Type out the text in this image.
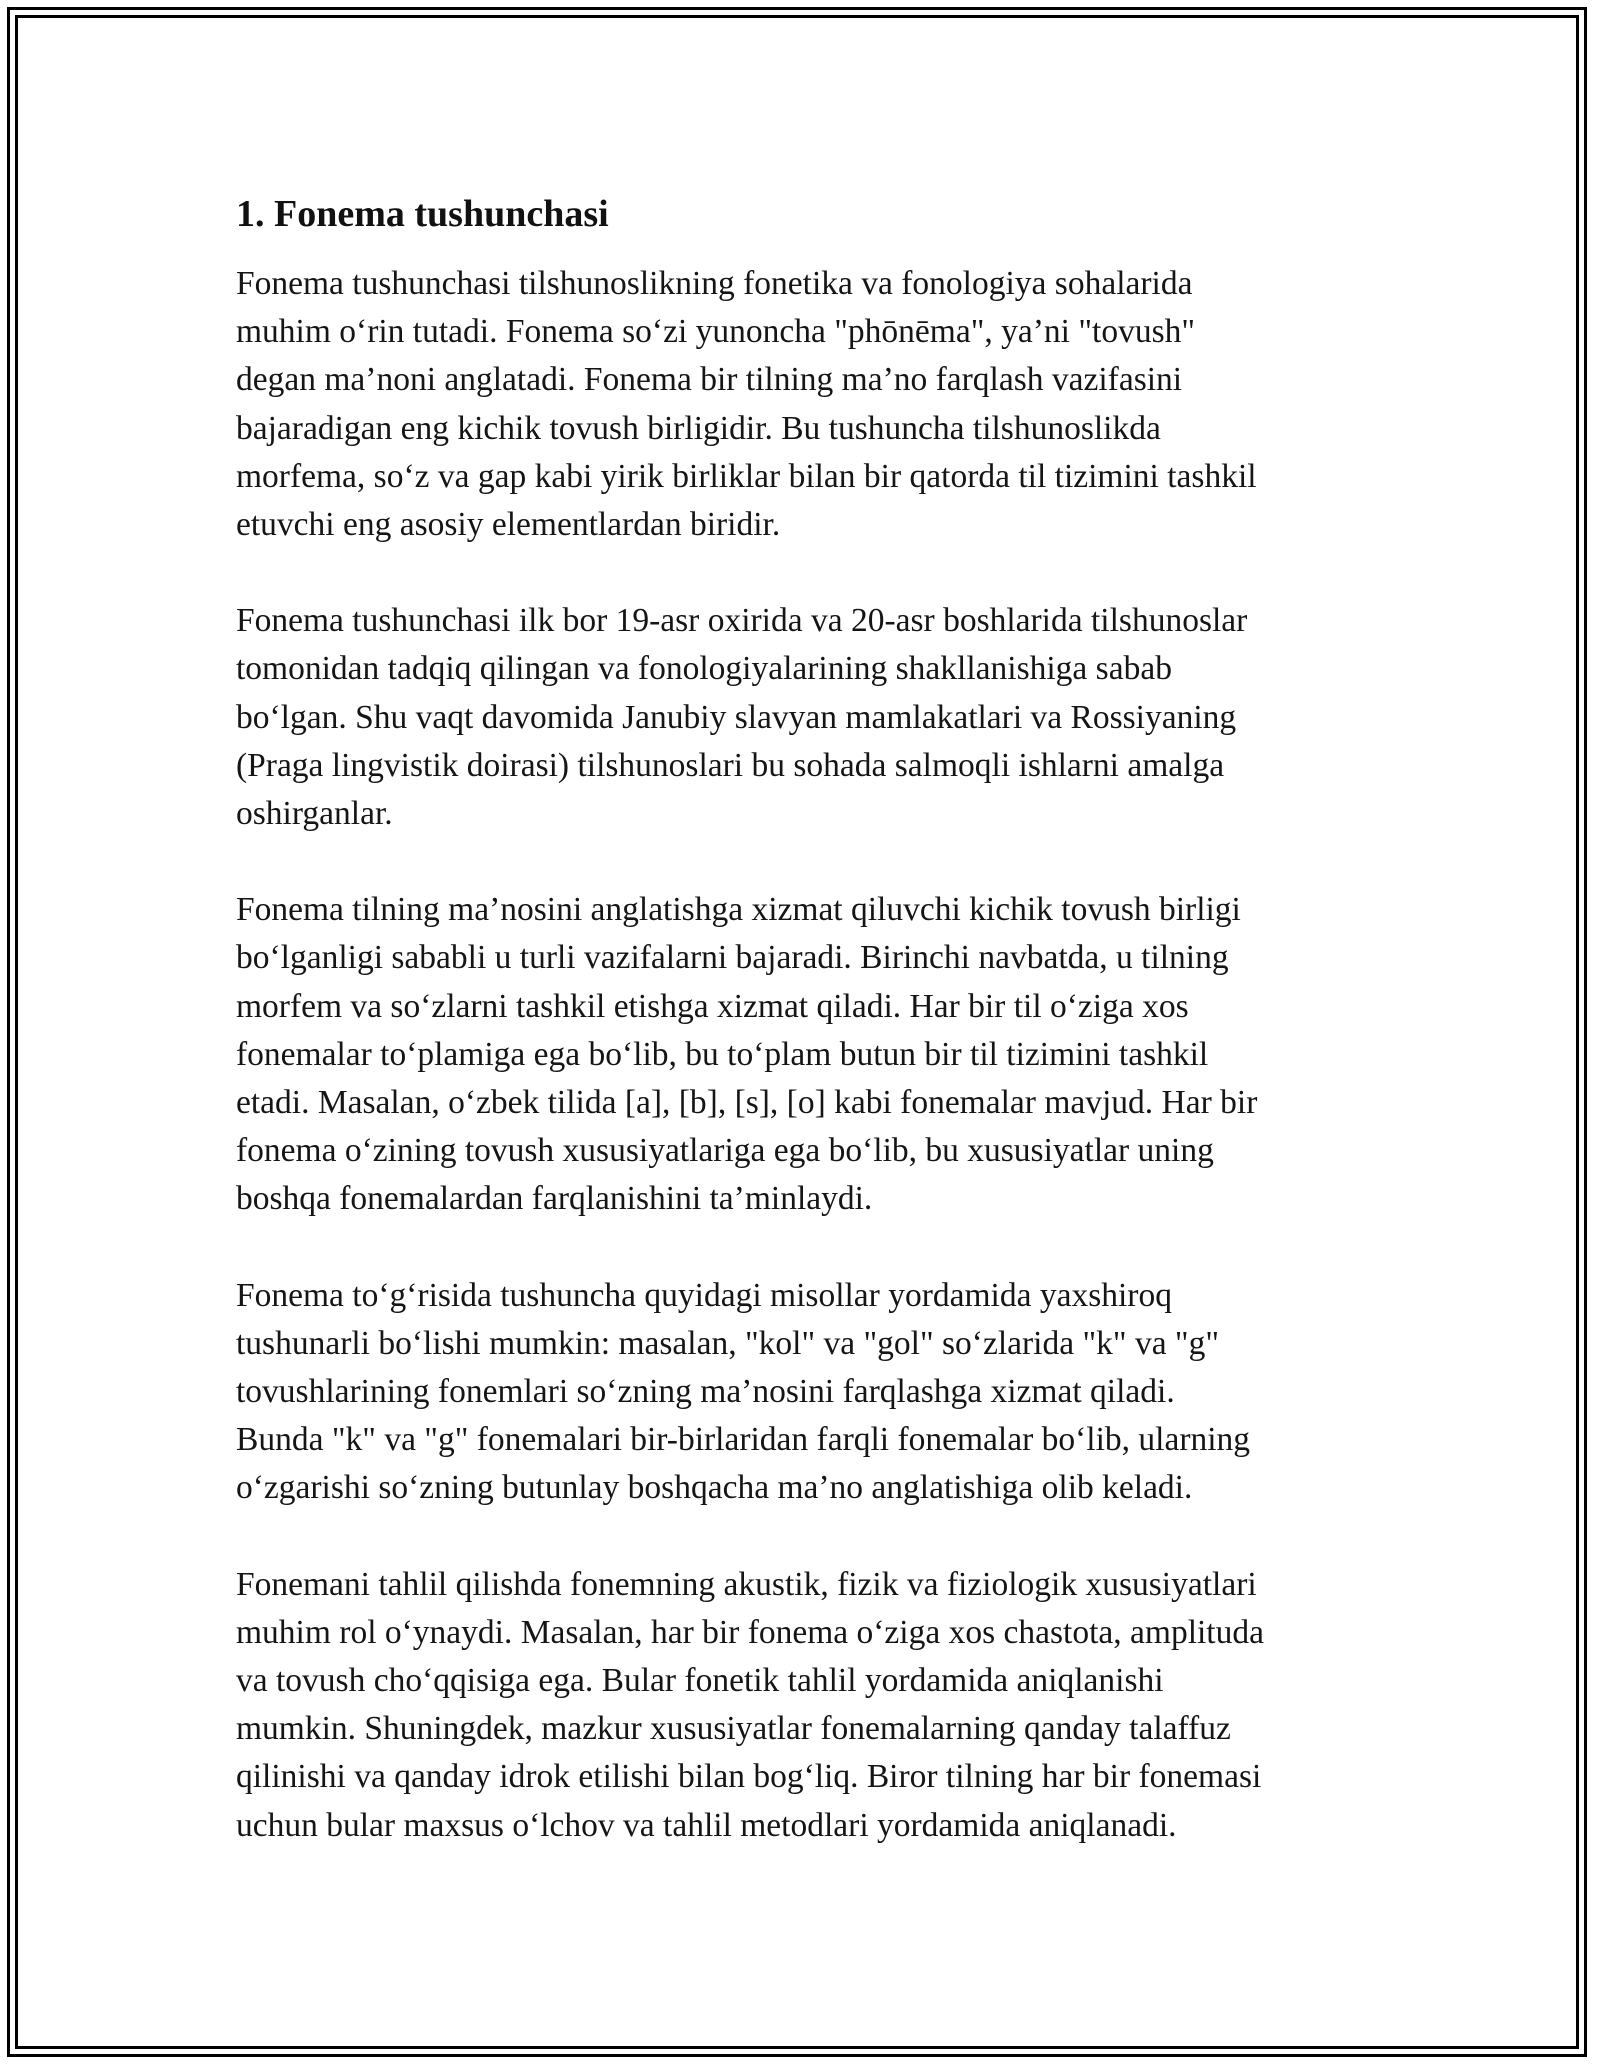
1. Fonema tushunchasi

Fonema tushunchasi tilshunoslikning fonetika va fonologiya sohalarida
muhim o‘rin tutadi. Fonema so‘zi yunoncha "phōnēma", ya’ni "tovush"
degan ma’noni anglatadi. Fonema bir tilning ma’no farqlash vazifasini
bajaradigan eng kichik tovush birligidir. Bu tushuncha tilshunoslikda
morfema, so‘z va gap kabi yirik birliklar bilan bir qatorda til tizimini tashkil
etuvchi eng asosiy elementlardan biridir.

Fonema tushunchasi ilk bor 19-asr oxirida va 20-asr boshlarida tilshunoslar
tomonidan tadqiq qilingan va fonologiyalarining shakllanishiga sabab
bo‘lgan. Shu vaqt davomida Janubiy slavyan mamlakatlari va Rossiyaning
(Praga lingvistik doirasi) tilshunoslari bu sohada salmoqli ishlarni amalga
oshirganlar.

Fonema tilning ma’nosini anglatishga xizmat qiluvchi kichik tovush birligi
bo‘lganligi sababli u turli vazifalarni bajaradi. Birinchi navbatda, u tilning
morfem va so‘zlarni tashkil etishga xizmat qiladi. Har bir til o‘ziga xos
fonemalar to‘plamiga ega bo‘lib, bu to‘plam butun bir til tizimini tashkil
etadi. Masalan, o‘zbek tilida [a], [b], [s], [o] kabi fonemalar mavjud. Har bir
fonema o‘zining tovush xususiyatlariga ega bo‘lib, bu xususiyatlar uning
boshqa fonemalardan farqlanishini ta’minlaydi.

Fonema to‘g‘risida tushuncha quyidagi misollar yordamida yaxshiroq
tushunarli bo‘lishi mumkin: masalan, "kol" va "gol" so‘zlarida "k" va "g"
tovushlarining fonemlari so‘zning ma’nosini farqlashga xizmat qiladi.
Bunda "k" va "g" fonemalari bir-birlaridan farqli fonemalar bo‘lib, ularning
o‘zgarishi so‘zning butunlay boshqacha ma’no anglatishiga olib keladi.

Fonemani tahlil qilishda fonemning akustik, fizik va fiziologik xususiyatlari
muhim rol o‘ynaydi. Masalan, har bir fonema o‘ziga xos chastota, amplituda
va tovush cho‘qqisiga ega. Bular fonetik tahlil yordamida aniqlanishi
mumkin. Shuningdek, mazkur xususiyatlar fonemalarning qanday talaffuz
qilinishi va qanday idrok etilishi bilan bog‘liq. Biror tilning har bir fonemasi
uchun bular maxsus o‘lchov va tahlil metodlari yordamida aniqlanadi.
